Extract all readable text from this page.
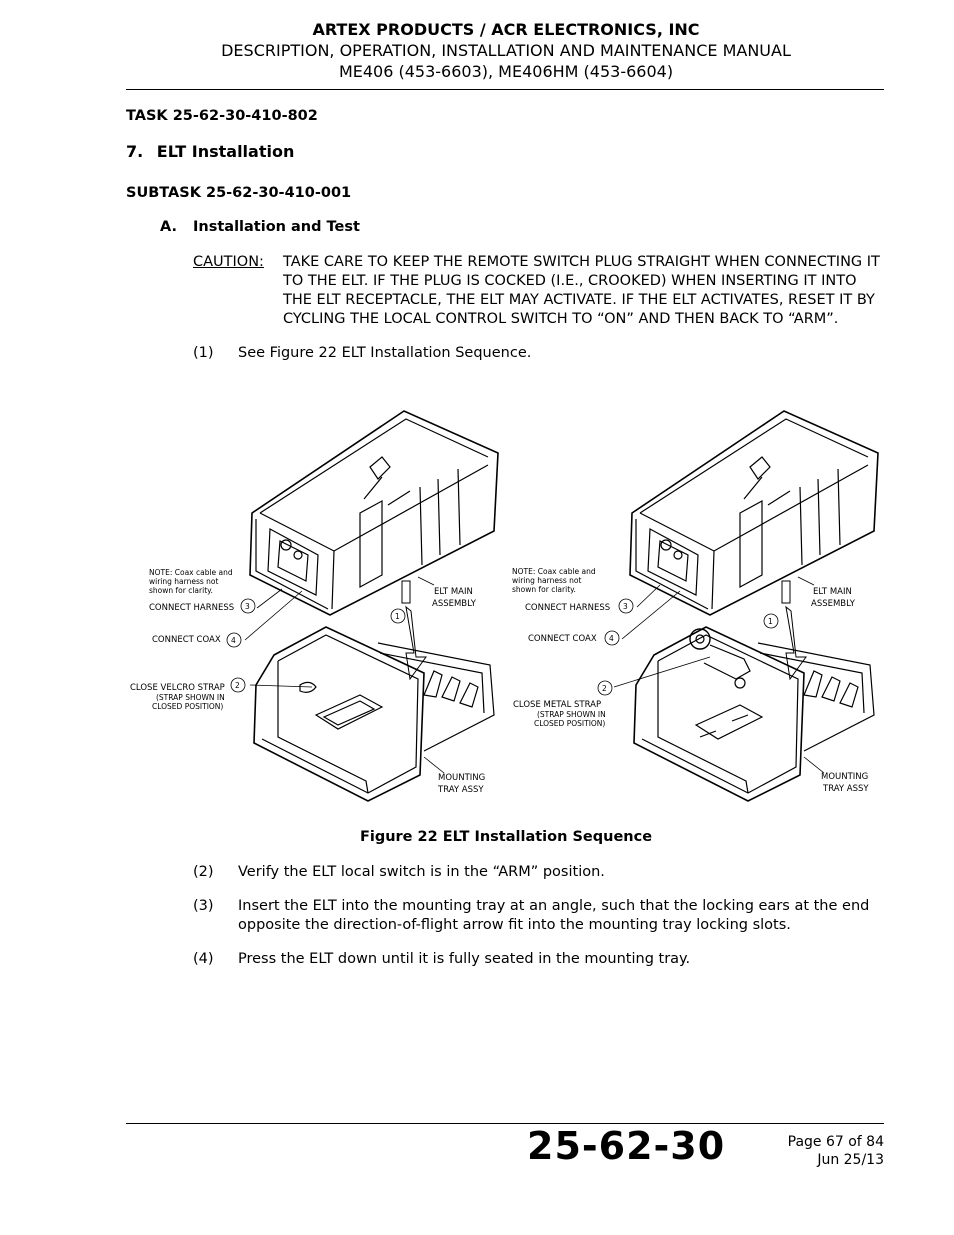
ARTEX PRODUCTS / ACR ELECTRONICS, INC
DESCRIPTION, OPERATION, INSTALLATION AND MAINTENANCE MANUAL
ME406 (453-6603), ME406HM (453-6604)
TASK 25-62-30-410-802
7. ELT Installation
SUBTASK 25-62-30-410-001
A. Installation and Test
CAUTION: TAKE CARE TO KEEP THE REMOTE SWITCH PLUG STRAIGHT WHEN CONNECTING IT
TO THE ELT. IF THE PLUG IS COCKED (I.E., CROOKED) WHEN INSERTING IT INTO
THE ELT RECEPTACLE, THE ELT MAY ACTIVATE. IF THE ELT ACTIVATES, RESET IT BY
CYCLING THE LOCAL CONTROL SWITCH TO “ON” AND THEN BACK TO “ARM”.
(1) See Figure 22 ELT Installation Sequence.
NOTE: Coax cable and
wiring harness not
shown for clarity.
CONNECT HARNESS
CONNECT COAX
CLOSE VELCRO STRAP
(STRAP SHOWN IN
CLOSED POSITION)
ELT MAIN
ASSEMBLY
MOUNTING
TRAY ASSY
1
2
3
4
NOTE: Coax cable and
wiring harness not
shown for clarity.
CONNECT HARNESS
CONNECT COAX
CLOSE METAL STRAP
(STRAP SHOWN IN
CLOSED POSITION)
ELT MAIN
ASSEMBLY
MOUNTING
TRAY ASSY
1
2
3
4
Figure 22 ELT Installation Sequence
(2) Verify the ELT local switch is in the “ARM” position.
(3) Insert the ELT into the mounting tray at an angle, such that the locking ears at the end
opposite the direction-of-flight arrow fit into the mounting tray locking slots.
(4) Press the ELT down until it is fully seated in the mounting tray.
25-62-30	Page 67 of 84
Jun 25/13
